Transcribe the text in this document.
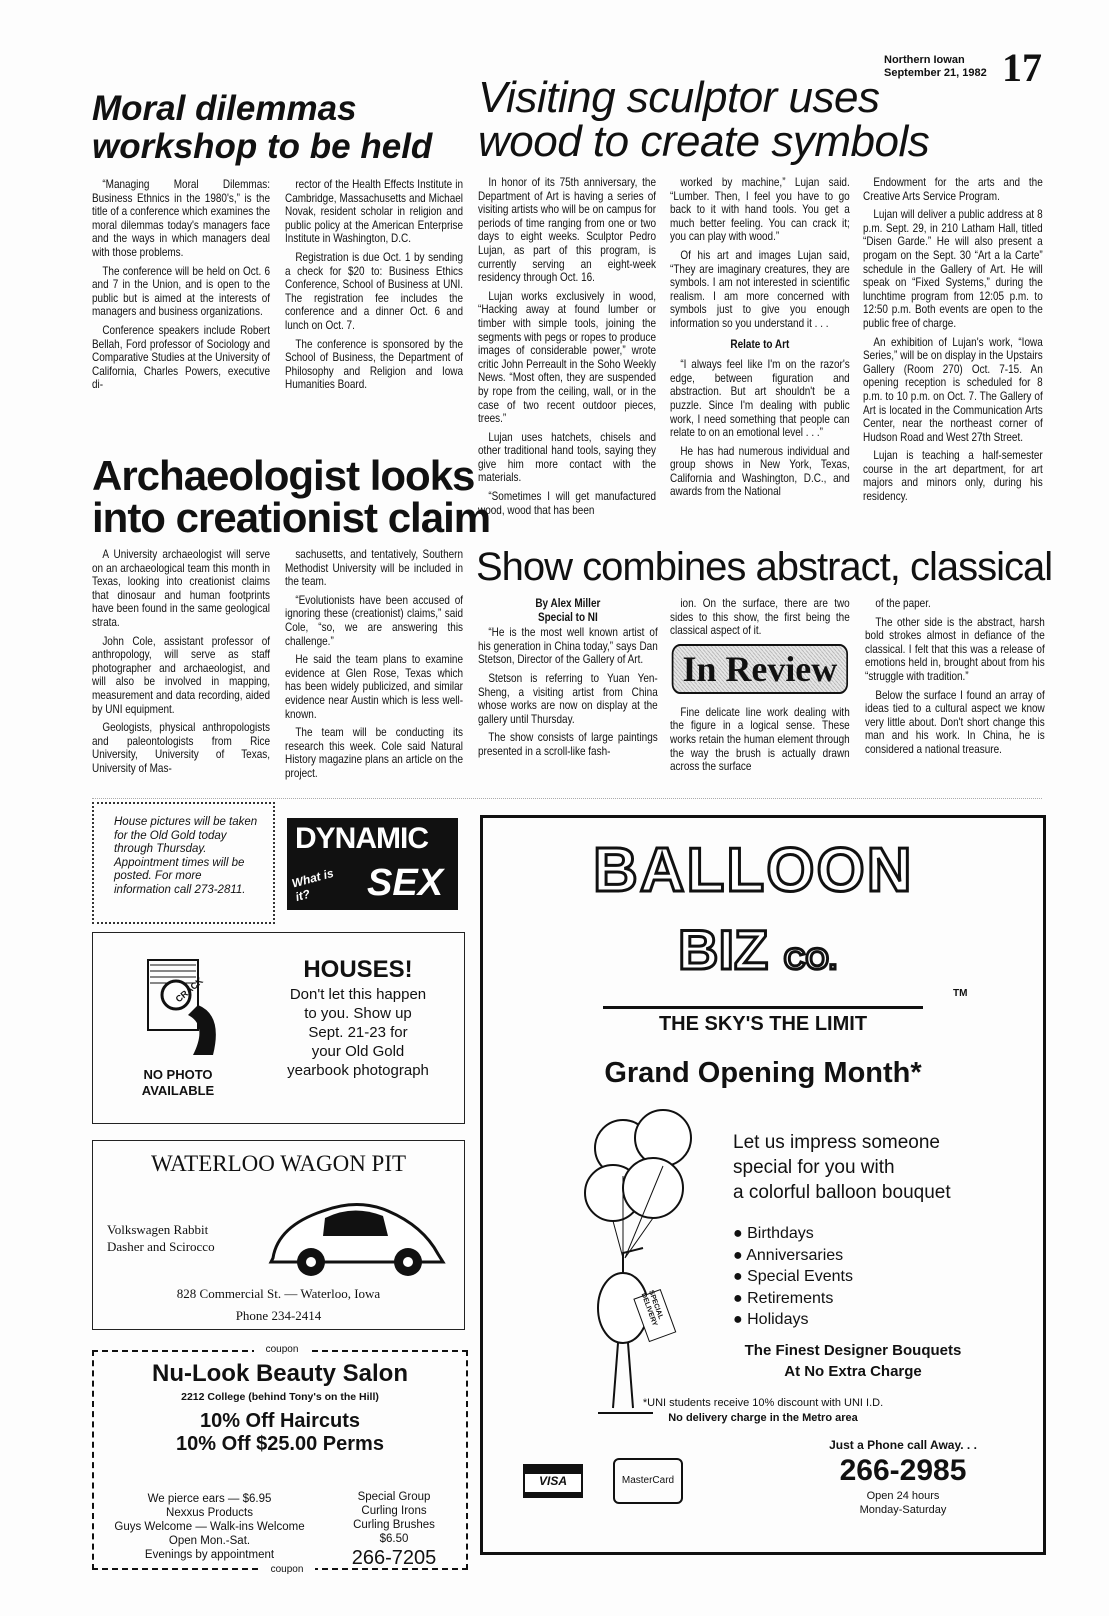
Northern Iowan
September 21, 1982 17
Moral dilemmas
workshop to be held

“Managing Moral Dilemmas: Business Ethnics in the 1980's,” is the title of a conference which examines the moral dilemmas today's managers face and the ways in which managers deal with those problems.

The conference will be held on Oct. 6 and 7 in the Union, and is open to the public but is aimed at the interests of managers and business organizations.

Conference speakers include Robert Bellah, Ford professor of Sociology and Comparative Studies at the University of California, Charles Powers, executive di-

rector of the Health Effects Institute in Cambridge, Massachusetts and Michael Novak, resident scholar in religion and public policy at the American Enterprise Institute in Washington, D.C.

Registration is due Oct. 1 by sending a check for $20 to: Business Ethics Conference, School of Business at UNI. The registration fee includes the conference and a dinner Oct. 6 and lunch on Oct. 7.

The conference is sponsored by the School of Business, the Department of Philosophy and Religion and Iowa Humanities Board.

Visiting sculptor uses
wood to create symbols

In honor of its 75th anniversary, the Department of Art is having a series of visiting artists who will be on campus for periods of time ranging from one or two days to eight weeks. Sculptor Pedro Lujan, as part of this program, is currently serving an eight-week residency through Oct. 16.

Lujan works exclusively in wood, “Hacking away at found lumber or timber with simple tools, joining the segments with pegs or ropes to produce images of considerable power,” wrote critic John Perreault in the Soho Weekly News. “Most often, they are suspended by rope from the ceiling, wall, or in the case of two recent outdoor pieces, trees.”

Lujan uses hatchets, chisels and other traditional hand tools, saying they give him more contact with the materials.

“Sometimes I will get manufactured wood, wood that has been

worked by machine,” Lujan said. “Lumber. Then, I feel you have to go back to it with hand tools. You get a much better feeling. You can crack it; you can play with wood.”

Of his art and images Lujan said, “They are imaginary creatures, they are symbols. I am not interested in scientific realism. I am more concerned with symbols just to give you enough information so you understand it . . .

Relate to Art

“I always feel like I'm on the razor's edge, between figuration and abstraction. But art shouldn't be a puzzle. Since I'm dealing with public work, I need something that people can relate to on an emotional level . . .”

He has had numerous individual and group shows in New York, Texas, California and Washington, D.C., and awards from the National

Endowment for the arts and the Creative Arts Service Program.

Lujan will deliver a public address at 8 p.m. Sept. 29, in 210 Latham Hall, titled “Disen Garde.” He will also present a progam on the Sept. 30 “Art a la Carte” schedule in the Gallery of Art. He will speak on “Fixed Systems,” during the lunchtime program from 12:05 p.m. to 12:50 p.m. Both events are open to the public free of charge.

An exhibition of Lujan's work, “Iowa Series,” will be on display in the Upstairs Gallery (Room 270) Oct. 7-15. An opening reception is scheduled for 8 p.m. to 10 p.m. on Oct. 7. The Gallery of Art is located in the Communication Arts Center, near the northeast corner of Hudson Road and West 27th Street.

Lujan is teaching a half-semester course in the art department, for art majors and minors only, during his residency.

Archaeologist looks
into creationist claim

A University archaeologist will serve on an archaeological team this month in Texas, looking into creationist claims that dinosaur and human footprints have been found in the same geological strata.

John Cole, assistant professor of anthropology, will serve as staff photographer and archaeologist, and will also be involved in mapping, measurement and data recording, aided by UNI equipment.

Geologists, physical anthropologists and paleontologists from Rice University, University of Texas, University of Mas-

sachusetts, and tentatively, Southern Methodist University will be included in the team.

“Evolutionists have been accused of ignoring these (creationist) claims,” said Cole, “so, we are answering this challenge.”

He said the team plans to examine evidence at Glen Rose, Texas which has been widely publicized, and similar evidence near Austin which is less well-known.

The team will be conducting its research this week. Cole said Natural History magazine plans an article on the project.

Show combines abstract, classical

By Alex Miller

Special to NI

“He is the most well known artist of his generation in China today,” says Dan Stetson, Director of the Gallery of Art.

Stetson is referring to Yuan Yen-Sheng, a visiting artist from China whose works are now on display at the gallery until Thursday.

The show consists of large paintings presented in a scroll-like fash-

ion. On the surface, there are two sides to this show, the first being the classical aspect of it.

In Review

Fine delicate line work dealing with the figure in a logical sense. These works retain the human element through the way the brush is actually drawn across the surface

of the paper.

The other side is the abstract, harsh bold strokes almost in defiance of the classical. I felt that this was a release of emotions held in, brought about from his “struggle with tradition.”

Below the surface I found an array of ideas tied to a cultural aspect we know very little about. Don't short change this man and his work. In China, he is considered a national treasure.

House pictures will be taken for the Old Gold today through Thursday. Appointment times will be posted. For more information call 273-2811.
DYNAMIC
What is it?	SEX
CRACK
NO PHOTO
AVAILABLE
HOUSES!
Don't let this happen
to you. Show up
Sept. 21-23 for
your Old Gold
yearbook photograph
WATERLOO WAGON PIT
Volkswagen Rabbit
Dasher and Scirocco
828 Commercial St. — Waterloo, Iowa
Phone 234-2414
coupon
coupon
Nu-Look Beauty Salon
2212 College (behind Tony's on the Hill)
10% Off Haircuts
10% Off $25.00 Perms
We pierce ears — $6.95
Nexxus Products
Guys Welcome — Walk-ins Welcome
Open Mon.-Sat.
Evenings by appointment
Special Group
Curling Irons
Curling Brushes
$6.50
266-7205
BALLOON
BIZ CO.
TM
THE SKY'S THE LIMIT
Grand Opening Month*
SPECIAL DELIVERY
Let us impress someone
special for you with
a colorful balloon bouquet
● Birthdays
● Anniversaries
● Special Events
● Retirements
● Holidays
The Finest Designer Bouquets
At No Extra Charge
*UNI students receive 10% discount with UNI I.D.
No delivery charge in the Metro area
VISA	MasterCard
Just a Phone call Away. . .
266-2985
Open 24 hours
Monday-Saturday
